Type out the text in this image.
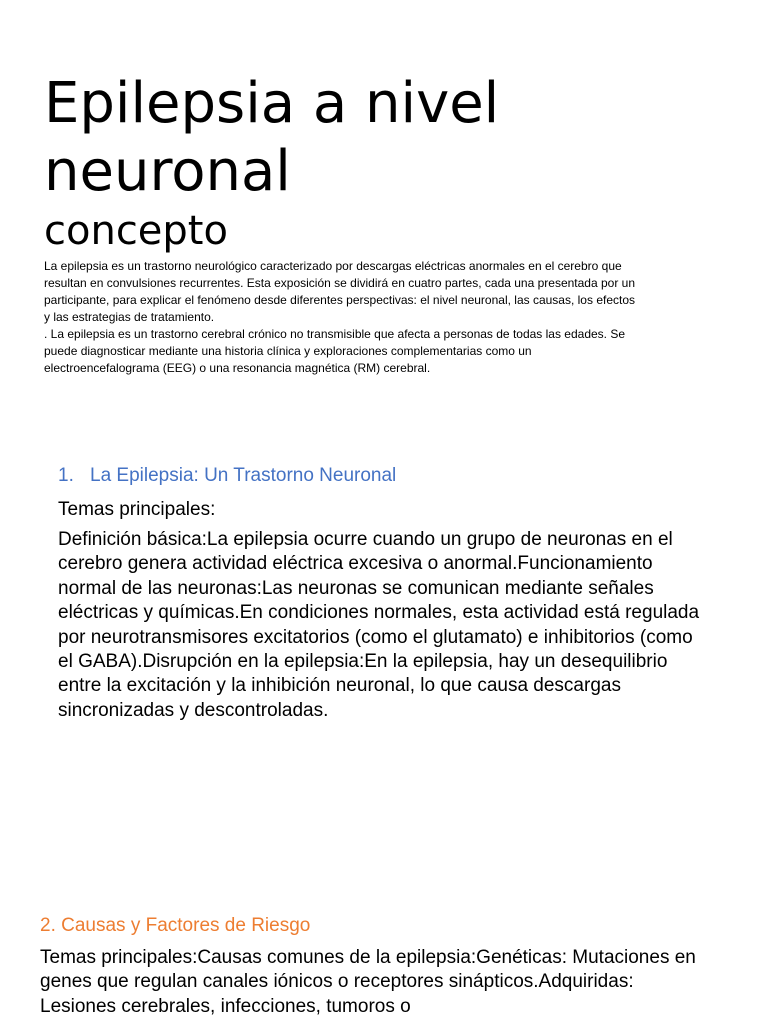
Epilepsia a nivel neuronal
concepto

La epilepsia es un trastorno neurológico caracterizado por descargas eléctricas anormales en el cerebro que resultan en convulsiones recurrentes. Esta exposición se dividirá en cuatro partes, cada una presentada por un participante, para explicar el fenómeno desde diferentes perspectivas: el nivel neuronal, las causas, los efectos y las estrategias de tratamiento.

. La epilepsia es un trastorno cerebral crónico no transmisible que afecta a personas de todas las edades. Se puede diagnosticar mediante una historia clínica y exploraciones complementarias como un electroencefalograma (EEG) o una resonancia magnética (RM) cerebral.

1. La Epilepsia: Un Trastorno Neuronal

Temas principales:

Definición básica:La epilepsia ocurre cuando un grupo de neuronas en el cerebro genera actividad eléctrica excesiva o anormal.Funcionamiento normal de las neuronas:Las neuronas se comunican mediante señales eléctricas y químicas.En condiciones normales, esta actividad está regulada por neurotransmisores excitatorios (como el glutamato) e inhibitorios (como el GABA).Disrupción en la epilepsia:En la epilepsia, hay un desequilibrio entre la excitación y la inhibición neuronal, lo que causa descargas sincronizadas y descontroladas.

2. Causas y Factores de Riesgo

Temas principales:Causas comunes de la epilepsia:Genéticas: Mutaciones en genes que regulan canales iónicos o receptores sinápticos.Adquiridas: Lesiones cerebrales, infecciones, tumoros o
